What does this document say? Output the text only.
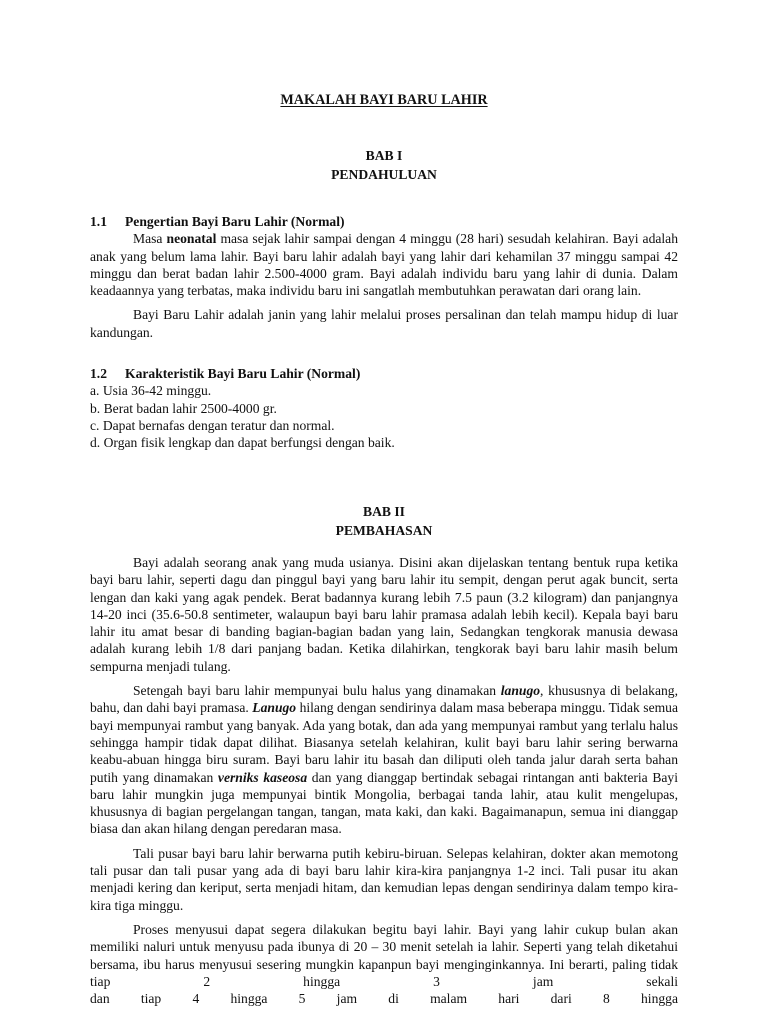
MAKALAH BAYI BARU LAHIR
BAB I
PENDAHULUAN
1.1 Pengertian Bayi Baru Lahir (Normal)

Masa neonatal masa sejak lahir sampai dengan 4 minggu (28 hari) sesudah kelahiran. Bayi adalah anak yang belum lama lahir. Bayi baru lahir adalah bayi yang lahir dari kehamilan 37 minggu sampai 42 minggu dan berat badan lahir 2.500-4000 gram. Bayi adalah individu baru yang lahir di dunia. Dalam keadaannya yang terbatas, maka individu baru ini sangatlah membutuhkan perawatan dari orang lain.

Bayi Baru Lahir adalah janin yang lahir melalui proses persalinan dan telah mampu hidup di luar kandungan.

1.2 Karakteristik Bayi Baru Lahir (Normal)
a. Usia 36-42 minggu.
b. Berat badan lahir 2500-4000 gr.
c. Dapat bernafas dengan teratur dan normal.
d. Organ fisik lengkap dan dapat berfungsi dengan baik.
BAB II
PEMBAHASAN

Bayi adalah seorang anak yang muda usianya. Disini akan dijelaskan tentang bentuk rupa ketika bayi baru lahir, seperti dagu dan pinggul bayi yang baru lahir itu sempit, dengan perut agak buncit, serta lengan dan kaki yang agak pendek. Berat badannya kurang lebih 7.5 paun (3.2 kilogram) dan panjangnya 14-20 inci (35.6-50.8 sentimeter, walaupun bayi baru lahir pramasa adalah lebih kecil). Kepala bayi baru lahir itu amat besar di banding bagian-bagian badan yang lain, Sedangkan tengkorak manusia dewasa adalah kurang lebih 1/8 dari panjang badan. Ketika dilahirkan, tengkorak bayi baru lahir masih belum sempurna menjadi tulang.

Setengah bayi baru lahir mempunyai bulu halus yang dinamakan lanugo, khususnya di belakang, bahu, dan dahi bayi pramasa. Lanugo hilang dengan sendirinya dalam masa beberapa minggu. Tidak semua bayi mempunyai rambut yang banyak. Ada yang botak, dan ada yang mempunyai rambut yang terlalu halus sehingga hampir tidak dapat dilihat. Biasanya setelah kelahiran, kulit bayi baru lahir sering berwarna keabu-abuan hingga biru suram. Bayi baru lahir itu basah dan diliputi oleh tanda jalur darah serta bahan putih yang dinamakan verniks kaseosa dan yang dianggap bertindak sebagai rintangan anti bakteria Bayi baru lahir mungkin juga mempunyai bintik Mongolia, berbagai tanda lahir, atau kulit mengelupas, khususnya di bagian pergelangan tangan, tangan, mata kaki, dan kaki. Bagaimanapun, semua ini dianggap biasa dan akan hilang dengan peredaran masa.

Tali pusar bayi baru lahir berwarna putih kebiru-biruan. Selepas kelahiran, dokter akan memotong tali pusar dan tali pusar yang ada di bayi baru lahir kira-kira panjangnya 1-2 inci. Tali pusar itu akan menjadi kering dan keriput, serta menjadi hitam, dan kemudian lepas dengan sendirinya dalam tempo kira-kira tiga minggu.

Proses menyusui dapat segera dilakukan begitu bayi lahir. Bayi yang lahir cukup bulan akan memiliki naluri untuk menyusu pada ibunya di 20 – 30 menit setelah ia lahir. Seperti yang telah diketahui bersama, ibu harus menyusui sesering mungkin kapanpun bayi menginginkannya. Ini berarti, paling tidak tiap 2 hingga 3 jam sekali

dan tiap 4 hingga 5 jam di malam hari dari 8 hingga
